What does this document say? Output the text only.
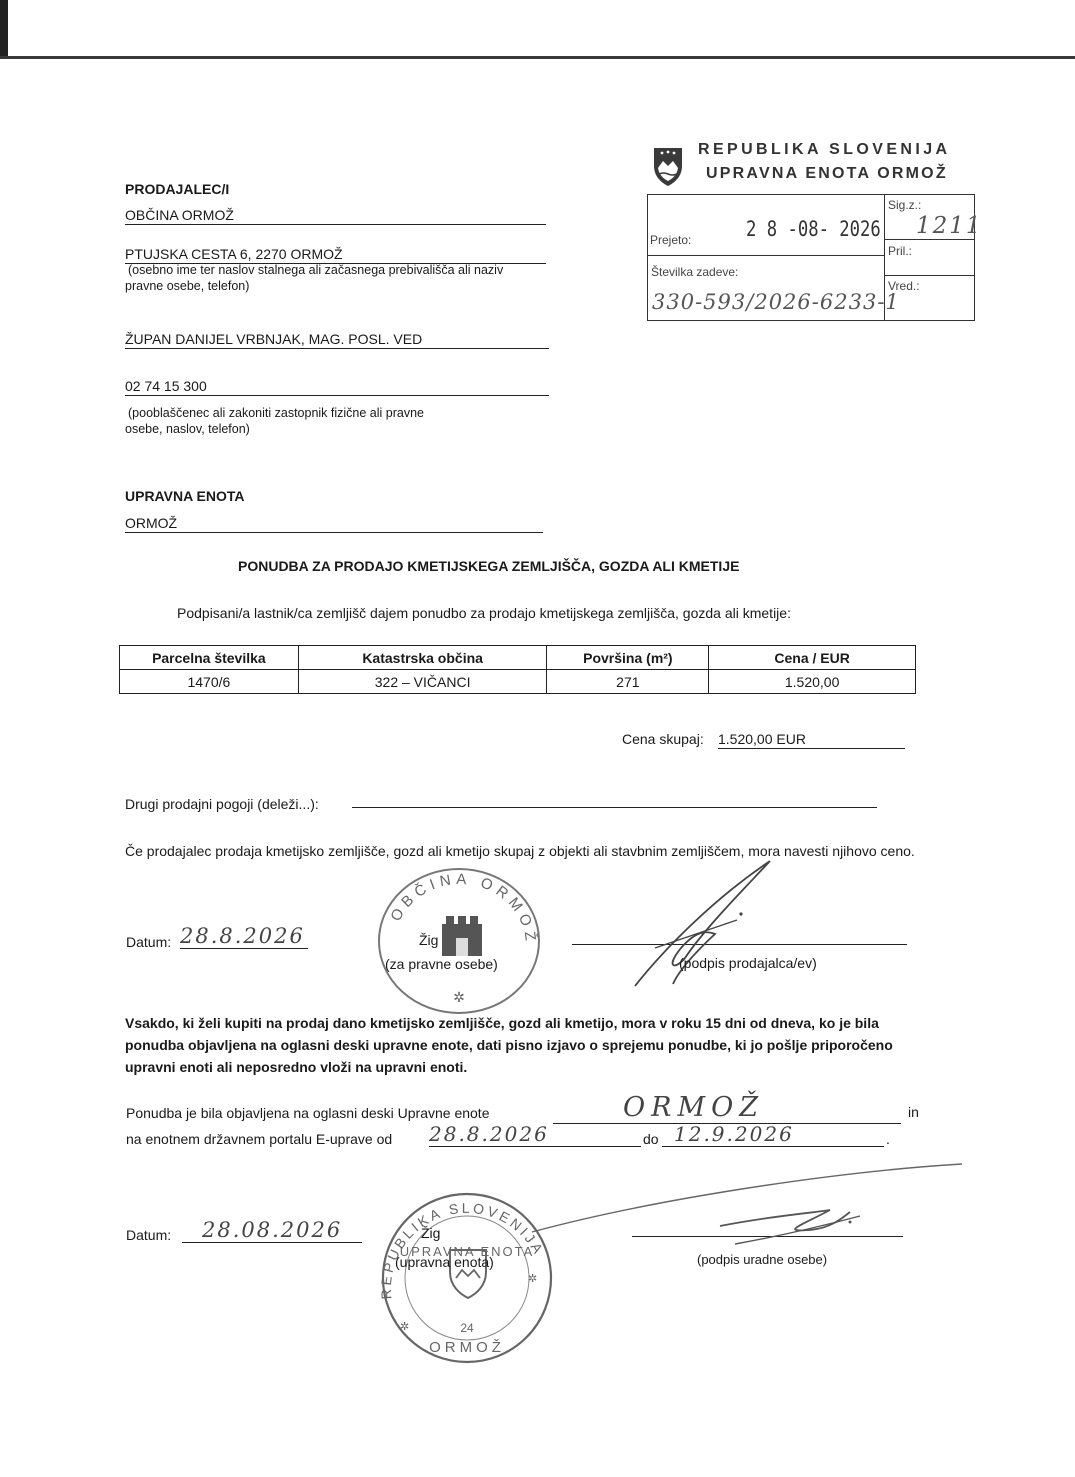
REPUBLIKA SLOVENIJA
UPRAVNA ENOTA ORMOŽ
Prejeto:	2 8 -08- 2026
Sig.z.:
1211
Pril.:
Številka zadeve:
Vred.:
330-593/2026-6233-1
PRODAJALEC/I
OBČINA ORMOŽ
PTUJSKA CESTA 6, 2270 ORMOŽ
(osebno ime ter naslov stalnega ali začasnega prebivališča ali naziv pravne osebe, telefon)
ŽUPAN DANIJEL VRBNJAK, MAG. POSL. VED
02 74 15 300
(pooblaščenec ali zakoniti zastopnik fizične ali pravne osebe, naslov, telefon)
UPRAVNA ENOTA
ORMOŽ
PONUDBA ZA PRODAJO KMETIJSKEGA ZEMLJIŠČA, GOZDA ALI KMETIJE
Podpisani/a lastnik/ca zemljišč dajem ponudbo za prodajo kmetijskega zemljišča, gozda ali kmetije:
Parcelna številka	Katastrska občina	Površina (m²)	Cena / EUR
1470/6	322 – VIČANCI	271	1.520,00
Cena skupaj: 1.520,00 EUR
Drugi prodajni pogoji (deleži...):
Če prodajalec prodaja kmetijsko zemljišče, gozd ali kmetijo skupaj z objekti ali stavbnim zemljiščem, mora navesti njihovo ceno.
Datum: 28.8.2026
OBČINA ORMOŽ
✲
Žig
(za pravne osebe)	(podpis prodajalca/ev)
Vsakdo, ki želi kupiti na prodaj dano kmetijsko zemljišče, gozd ali kmetijo, mora v roku 15 dni od dneva, ko je bila ponudba objavljena na oglasni deski upravne enote, dati pisno izjavo o sprejemu ponudbe, ki jo pošlje priporočeno upravni enoti ali neposredno vloži na upravni enoti.
Ponudba je bila objavljena na oglasni deski Upravne enote	ORMOŽ	in
na enotnem državnem portalu E-uprave od 28.8.2026	do 12.9.2026	.
Datum:	28.08.2026
REPUBLIKA SLOVENIJA
UPRAVNA ENOTA
24
ORMOŽ
✲
✲
Žig
(upravna enota)	(podpis uradne osebe)
